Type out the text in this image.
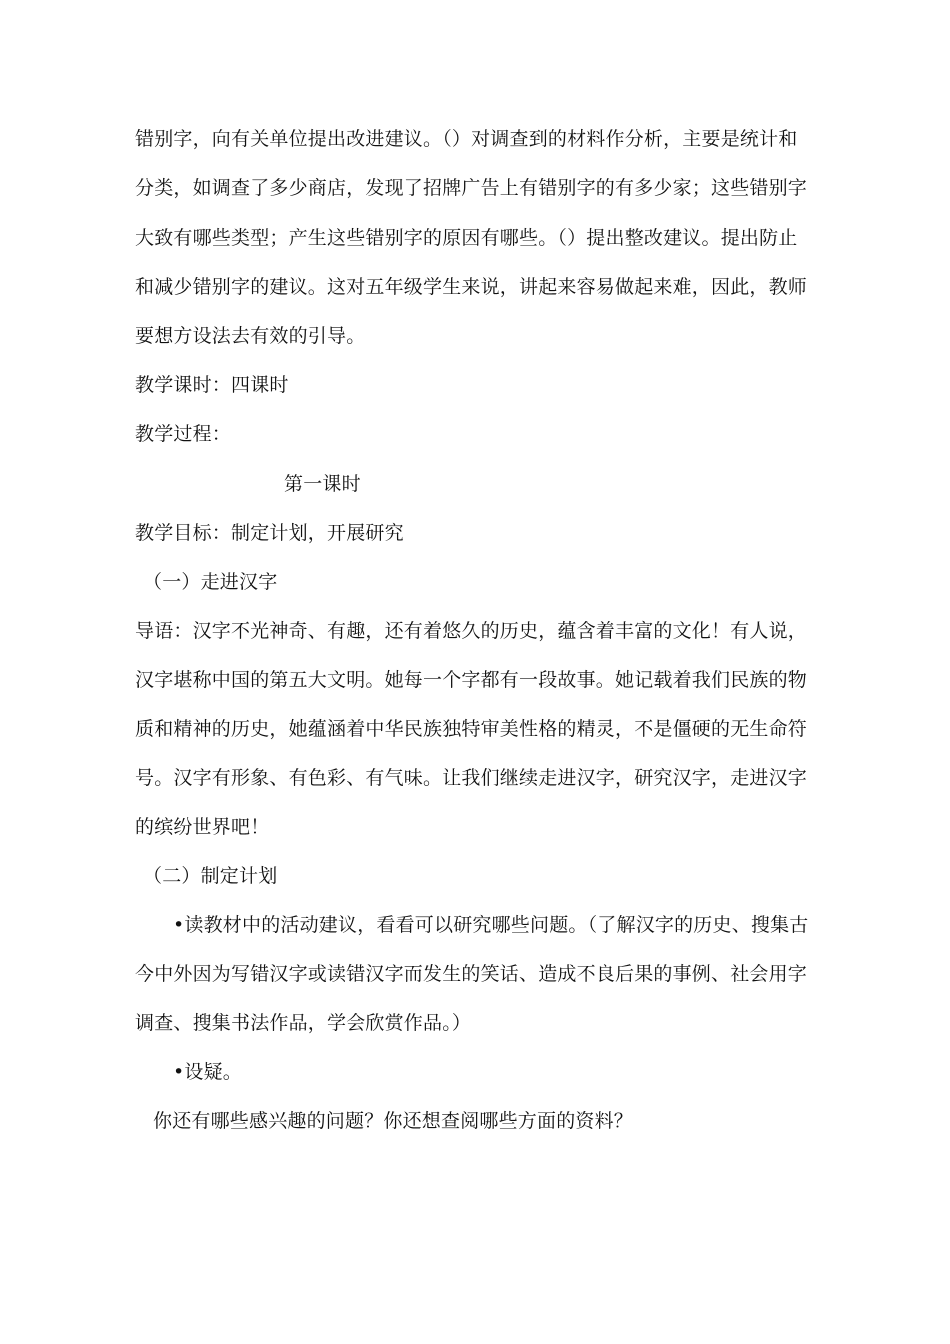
错别字，向有关单位提出改进建议。（）对调查到的材料作分析，主要是统计和
分类，如调查了多少商店，发现了招牌广告上有错别字的有多少家；这些错别字
大致有哪些类型；产生这些错别字的原因有哪些。（）提出整改建议。提出防止
和减少错别字的建议。这对五年级学生来说，讲起来容易做起来难，因此，教师
要想方设法去有效的引导。
教学课时：四课时
教学过程：
第一课时
教学目标：制定计划，开展研究
（一）走进汉字
导语：汉字不光神奇、有趣，还有着悠久的历史，蕴含着丰富的文化！有人说，
汉字堪称中国的第五大文明。她每一个字都有一段故事。她记载着我们民族的物
质和精神的历史，她蕴涵着中华民族独特审美性格的精灵，不是僵硬的无生命符
号。汉字有形象、有色彩、有气味。让我们继续走进汉字，研究汉字，走进汉字
的缤纷世界吧！
（二）制定计划
•读教材中的活动建议，看看可以研究哪些问题。（了解汉字的历史、搜集古
今中外因为写错汉字或读错汉字而发生的笑话、造成不良后果的事例、社会用字
调查、搜集书法作品，学会欣赏作品。）
•设疑。
你还有哪些感兴趣的问题？你还想查阅哪些方面的资料？
